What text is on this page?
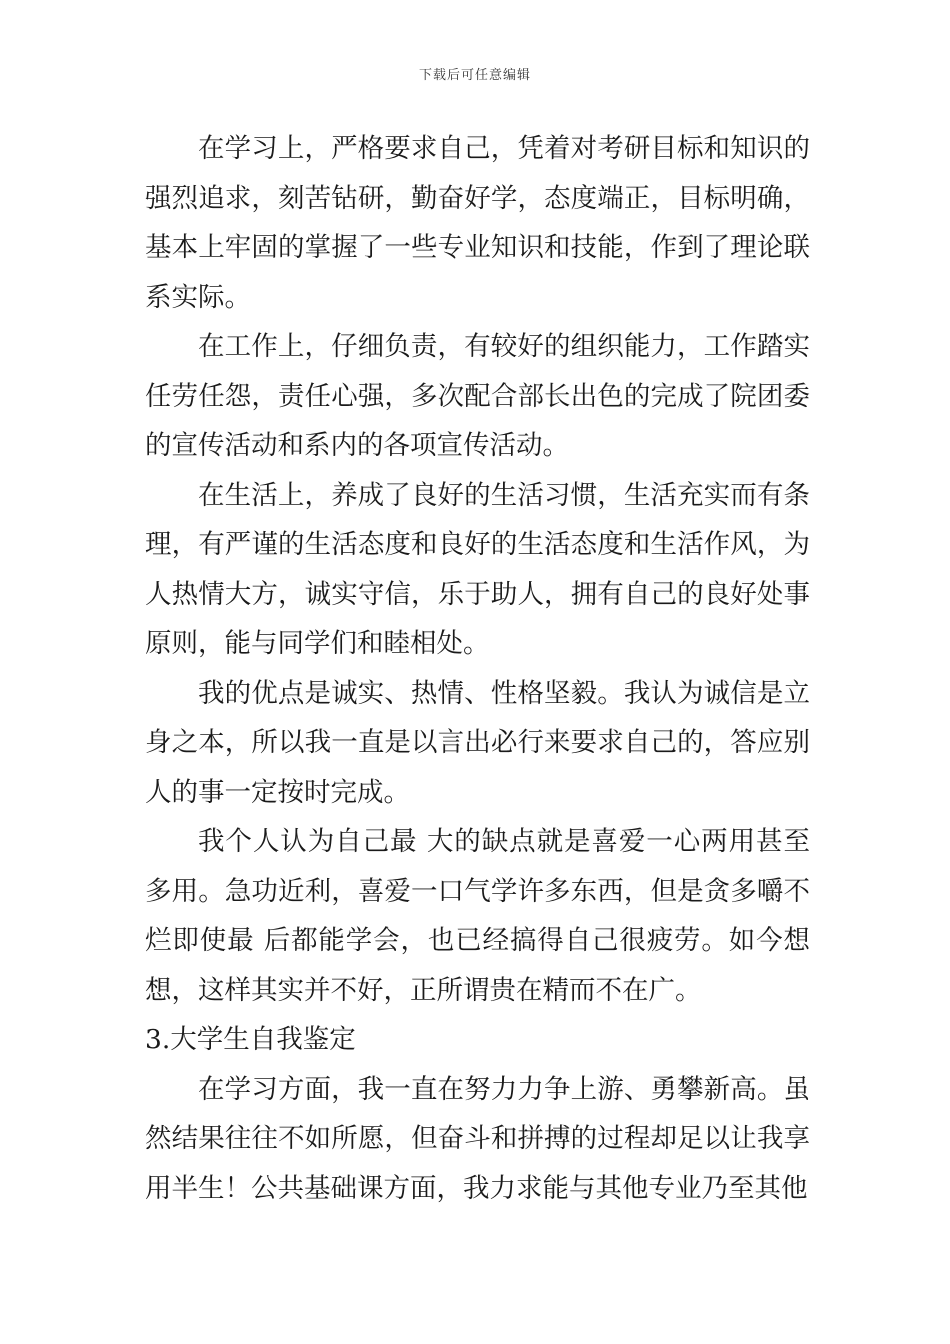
下载后可任意编辑

在学习上，严格要求自己，凭着对考研目标和知识的强烈追求，刻苦钻研，勤奋好学，态度端正，目标明确，基本上牢固的掌握了一些专业知识和技能，作到了理论联系实际。

在工作上，仔细负责，有较好的组织能力，工作踏实任劳任怨，责任心强，多次配合部长出色的完成了院团委的宣传活动和系内的各项宣传活动。

在生活上，养成了良好的生活习惯，生活充实而有条理，有严谨的生活态度和良好的生活态度和生活作风，为人热情大方，诚实守信，乐于助人，拥有自己的良好处事原则，能与同学们和睦相处。

我的优点是诚实、热情、性格坚毅。我认为诚信是立身之本，所以我一直是以言出必行来要求自己的，答应别人的事一定按时完成。

我个人认为自己最 大的缺点就是喜爱一心两用甚至多用。急功近利，喜爱一口气学许多东西，但是贪多嚼不烂即使最 后都能学会，也已经搞得自己很疲劳。如今想想，这样其实并不好，正所谓贵在精而不在广。

3.大学生自我鉴定

在学习方面，我一直在努力力争上游、勇攀新高。虽然结果往往不如所愿，但奋斗和拼搏的过程却足以让我享用半生！公共基础课方面，我力求能与其他专业乃至其他
